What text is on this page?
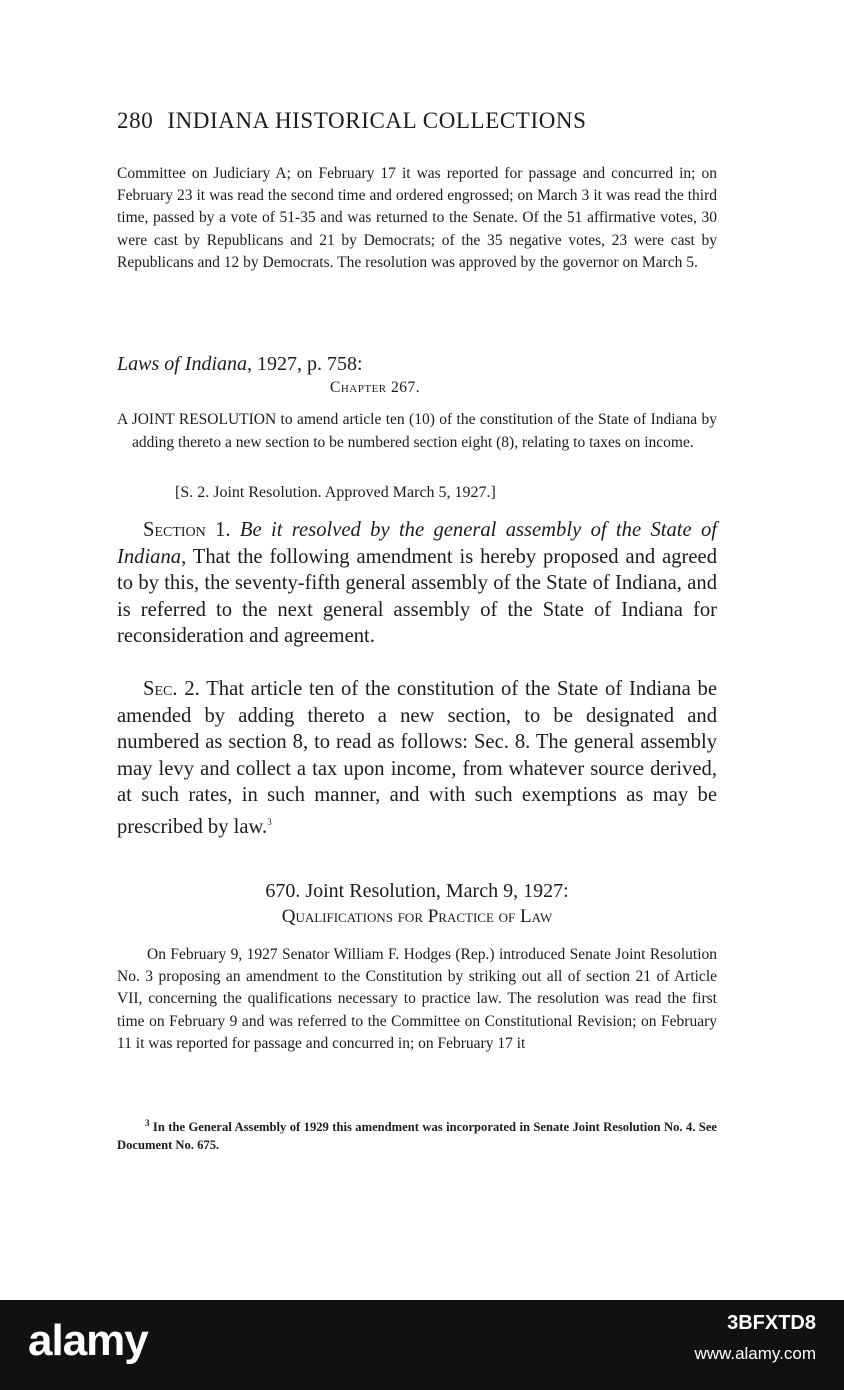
280 INDIANA HISTORICAL COLLECTIONS
Committee on Judiciary A; on February 17 it was reported for passage and concurred in; on February 23 it was read the second time and ordered engrossed; on March 3 it was read the third time, passed by a vote of 51-35 and was returned to the Senate. Of the 51 affirmative votes, 30 were cast by Republicans and 21 by Democrats; of the 35 negative votes, 23 were cast by Republicans and 12 by Democrats. The resolution was approved by the governor on March 5.
Laws of Indiana, 1927, p. 758:
Chapter 267.
A JOINT RESOLUTION to amend article ten (10) of the constitution of the State of Indiana by adding thereto a new section to be numbered section eight (8), relating to taxes on income.
[S. 2. Joint Resolution. Approved March 5, 1927.]
Section 1. Be it resolved by the general assembly of the State of Indiana, That the following amendment is hereby proposed and agreed to by this, the seventy-fifth general assembly of the State of Indiana, and is referred to the next general assembly of the State of Indiana for reconsideration and agreement.
Sec. 2. That article ten of the constitution of the State of Indiana be amended by adding thereto a new section, to be designated and numbered as section 8, to read as follows: Sec. 8. The general assembly may levy and collect a tax upon income, from whatever source derived, at such rates, in such manner, and with such exemptions as may be prescribed by law.$^3$
670. Joint Resolution, March 9, 1927:
Qualifications for Practice of Law
On February 9, 1927 Senator William F. Hodges (Rep.) introduced Senate Joint Resolution No. 3 proposing an amendment to the Constitution by striking out all of section 21 of Article VII, concerning the qualifications necessary to practice law. The resolution was read the first time on February 9 and was referred to the Committee on Constitutional Revision; on February 11 it was reported for passage and concurred in; on February 17 it
$^3$ In the General Assembly of 1929 this amendment was incorporated in Senate Joint Resolution No. 4. See Document No. 675.
alamy	3BFXTD8
www.alamy.com
